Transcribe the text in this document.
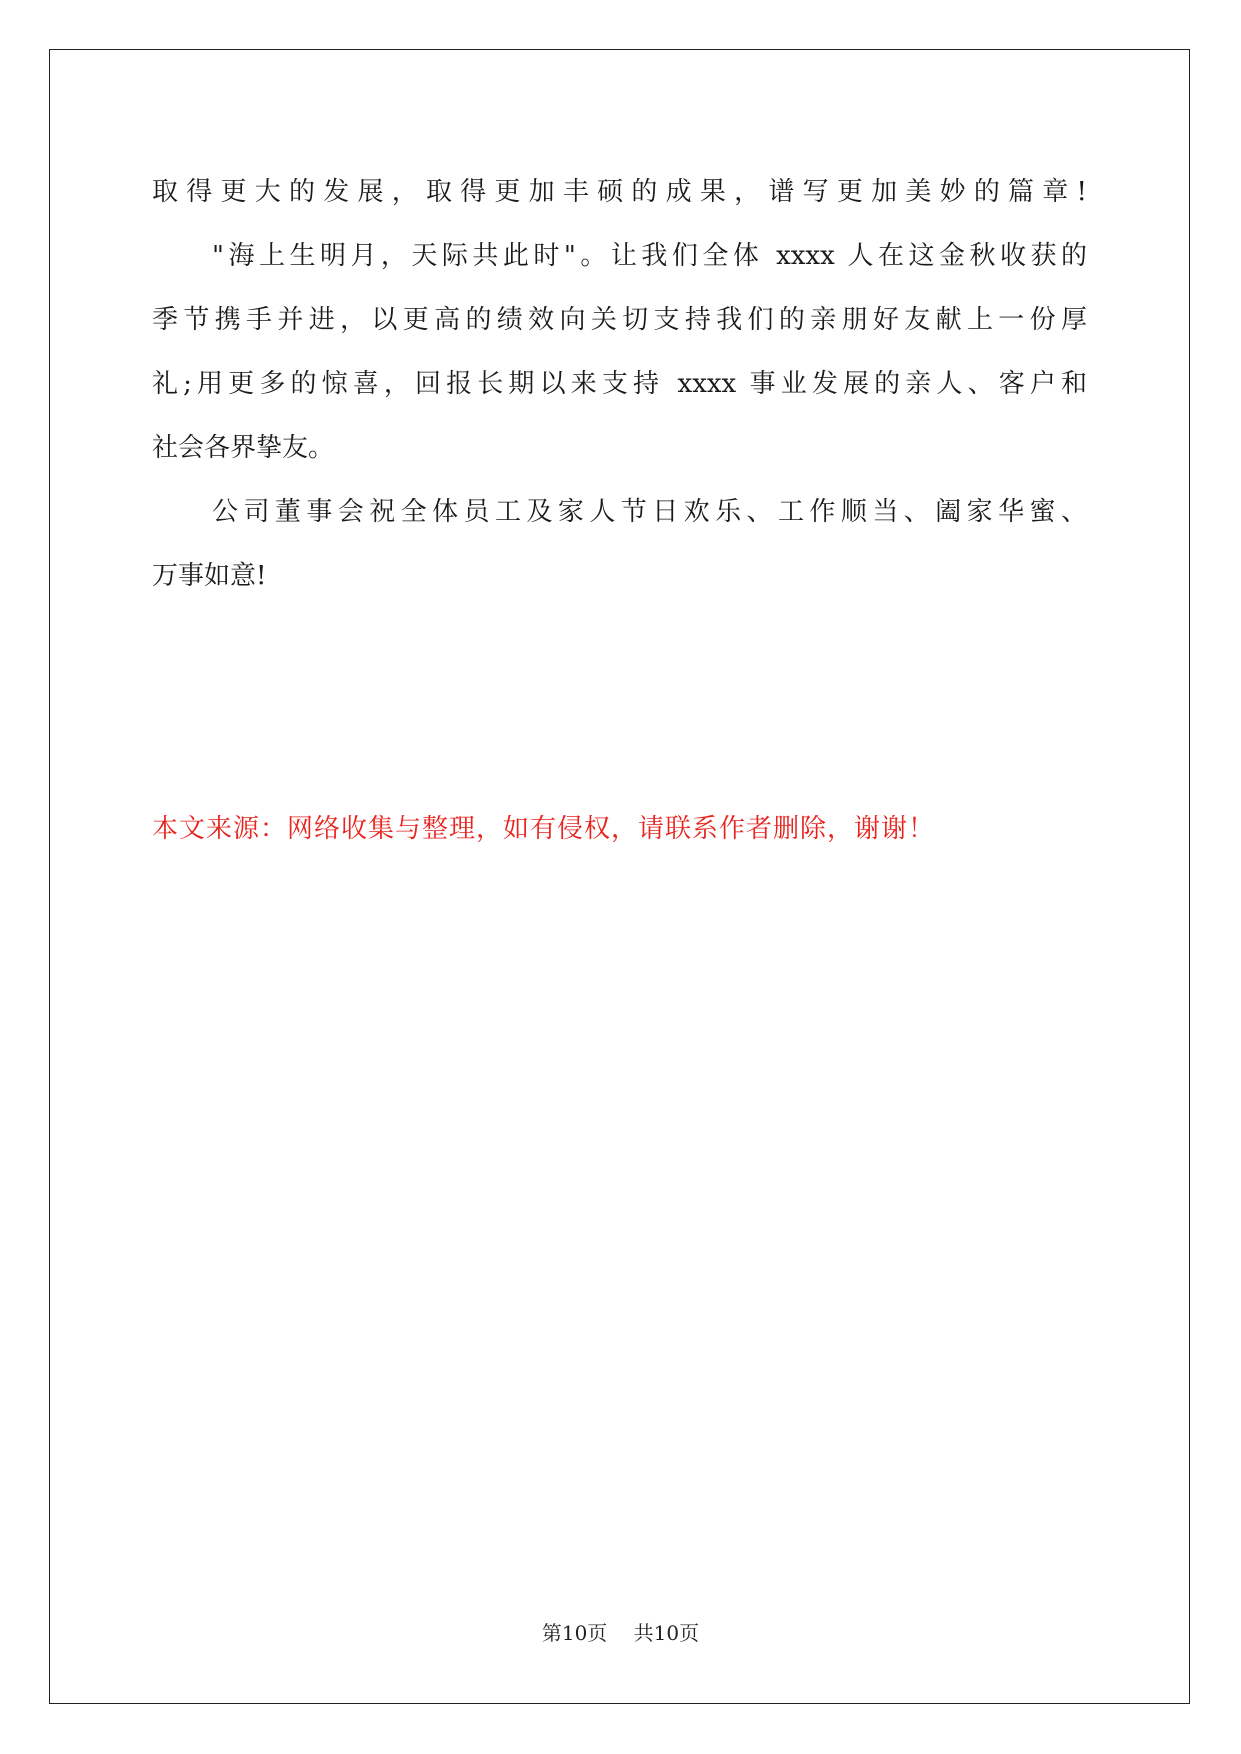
取得更大的发展，取得更加丰硕的成果，谱写更加美妙的篇章!
"海上生明月，天际共此时"。让我们全体 xxxx 人在这金秋收获的
季节携手并进，以更高的绩效向关切支持我们的亲朋好友献上一份厚
礼;用更多的惊喜，回报长期以来支持 xxxx 事业发展的亲人、客户和
社会各界挚友。
公司董事会祝全体员工及家人节日欢乐、工作顺当、阖家华蜜、
万事如意!
本文来源：网络收集与整理，如有侵权，请联系作者删除，谢谢！
第10页 共10页
